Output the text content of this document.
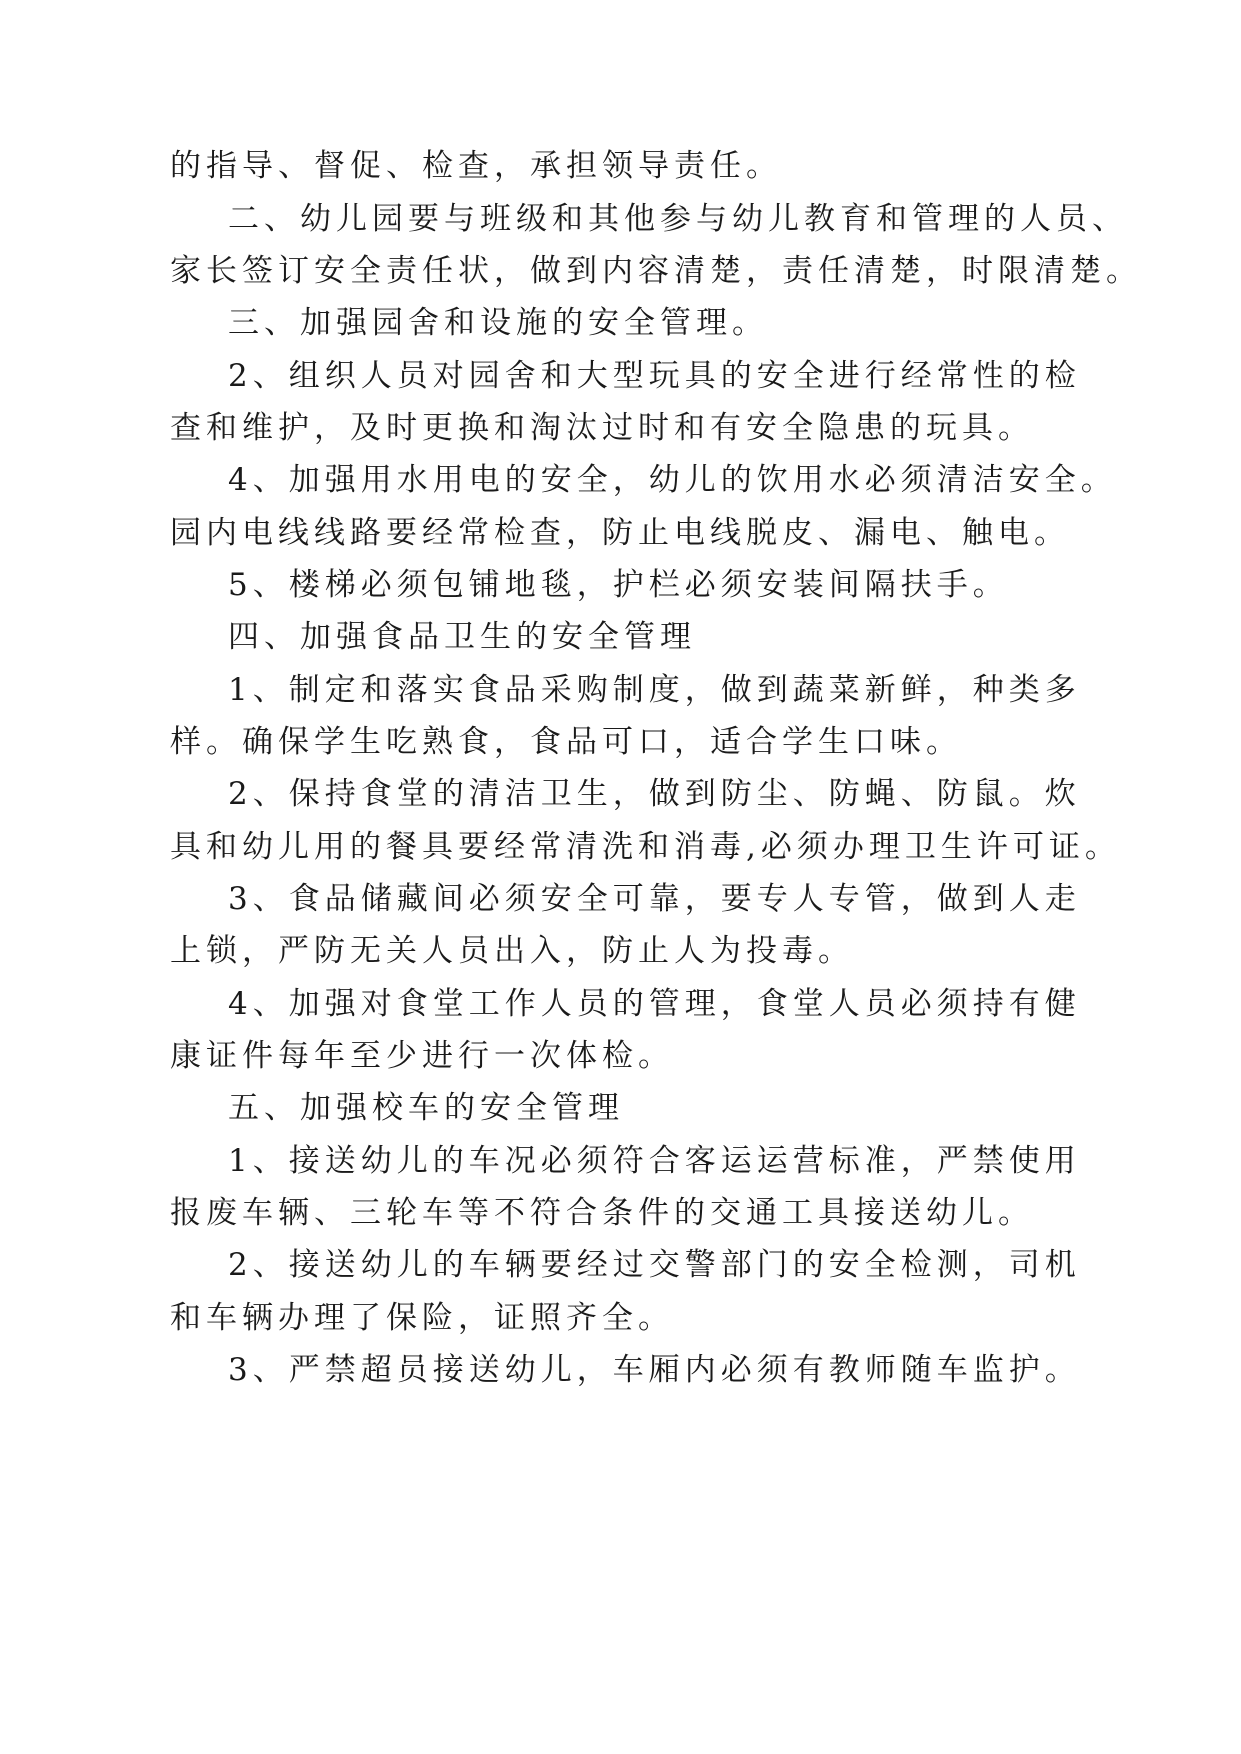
的指导、督促、检查，承担领导责任。

二、幼儿园要与班级和其他参与幼儿教育和管理的人员、

家长签订安全责任状，做到内容清楚，责任清楚，时限清楚。

三、加强园舍和设施的安全管理。

2、组织人员对园舍和大型玩具的安全进行经常性的检

查和维护，及时更换和淘汰过时和有安全隐患的玩具。

4、加强用水用电的安全，幼儿的饮用水必须清洁安全。

园内电线线路要经常检查，防止电线脱皮、漏电、触电。

5、楼梯必须包铺地毯，护栏必须安装间隔扶手。

四、加强食品卫生的安全管理

1、制定和落实食品采购制度，做到蔬菜新鲜，种类多

样。确保学生吃熟食，食品可口，适合学生口味。

2、保持食堂的清洁卫生，做到防尘、防蝇、防鼠。炊

具和幼儿用的餐具要经常清洗和消毒,必须办理卫生许可证。

3、食品储藏间必须安全可靠，要专人专管，做到人走

上锁，严防无关人员出入，防止人为投毒。

4、加强对食堂工作人员的管理，食堂人员必须持有健

康证件每年至少进行一次体检。

五、加强校车的安全管理

1、接送幼儿的车况必须符合客运运营标准，严禁使用

报废车辆、三轮车等不符合条件的交通工具接送幼儿。

2、接送幼儿的车辆要经过交警部门的安全检测，司机

和车辆办理了保险，证照齐全。

3、严禁超员接送幼儿，车厢内必须有教师随车监护。
